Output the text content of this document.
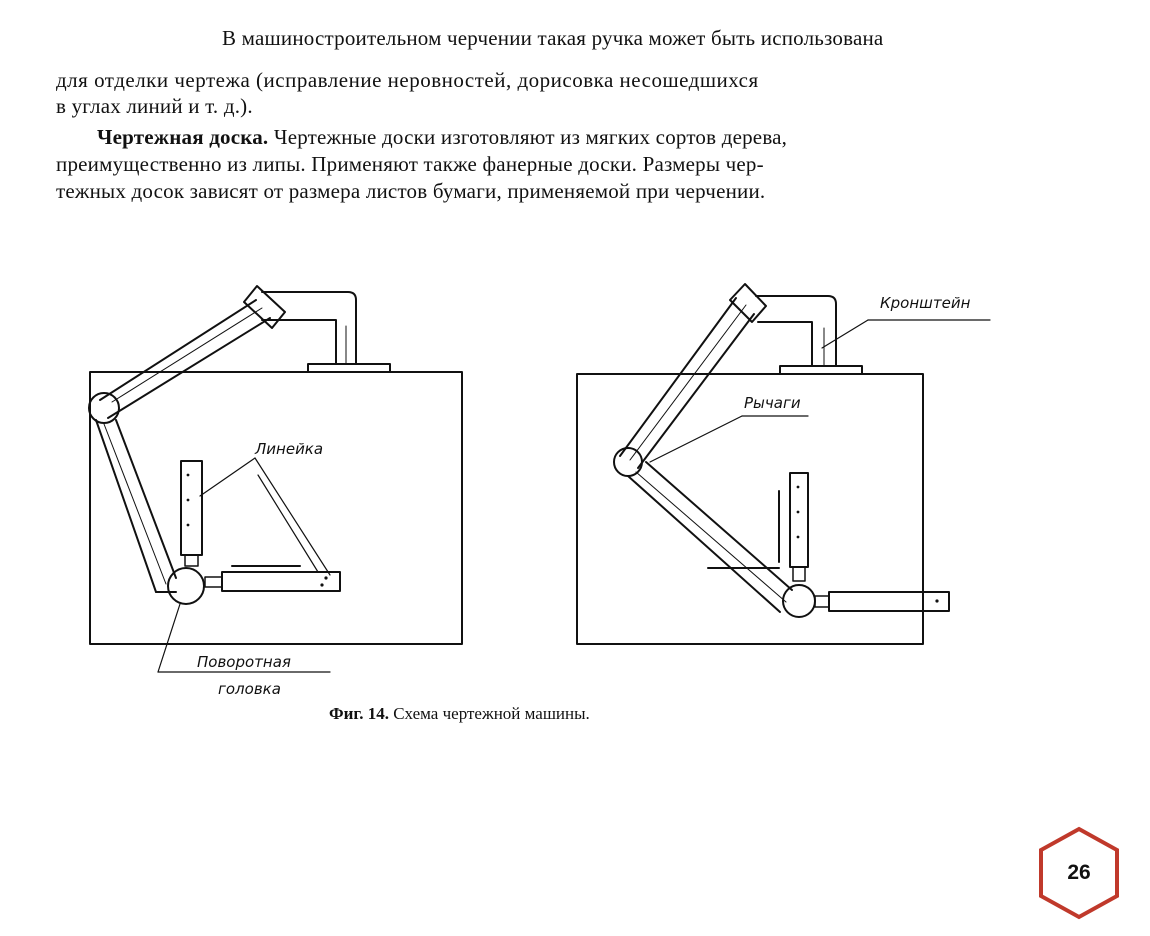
В машиностроительном черчении такая ручка может быть использована
для отделки чертежа (исправление неровностей, дорисовка несошедшихся
в углах линий и т. д.).
Чертежная доска. Чертежные доски изготовляют из мягких сортов дерева,
преимущественно из липы. Применяют также фанерные доски. Размеры чер-
тежных досок зависят от размера листов бумаги, применяемой при черчении.
Линейка
Поворотная
головка
Кронштейн
Рычаги
Фиг. 14. Схема чертежной машины.
26
